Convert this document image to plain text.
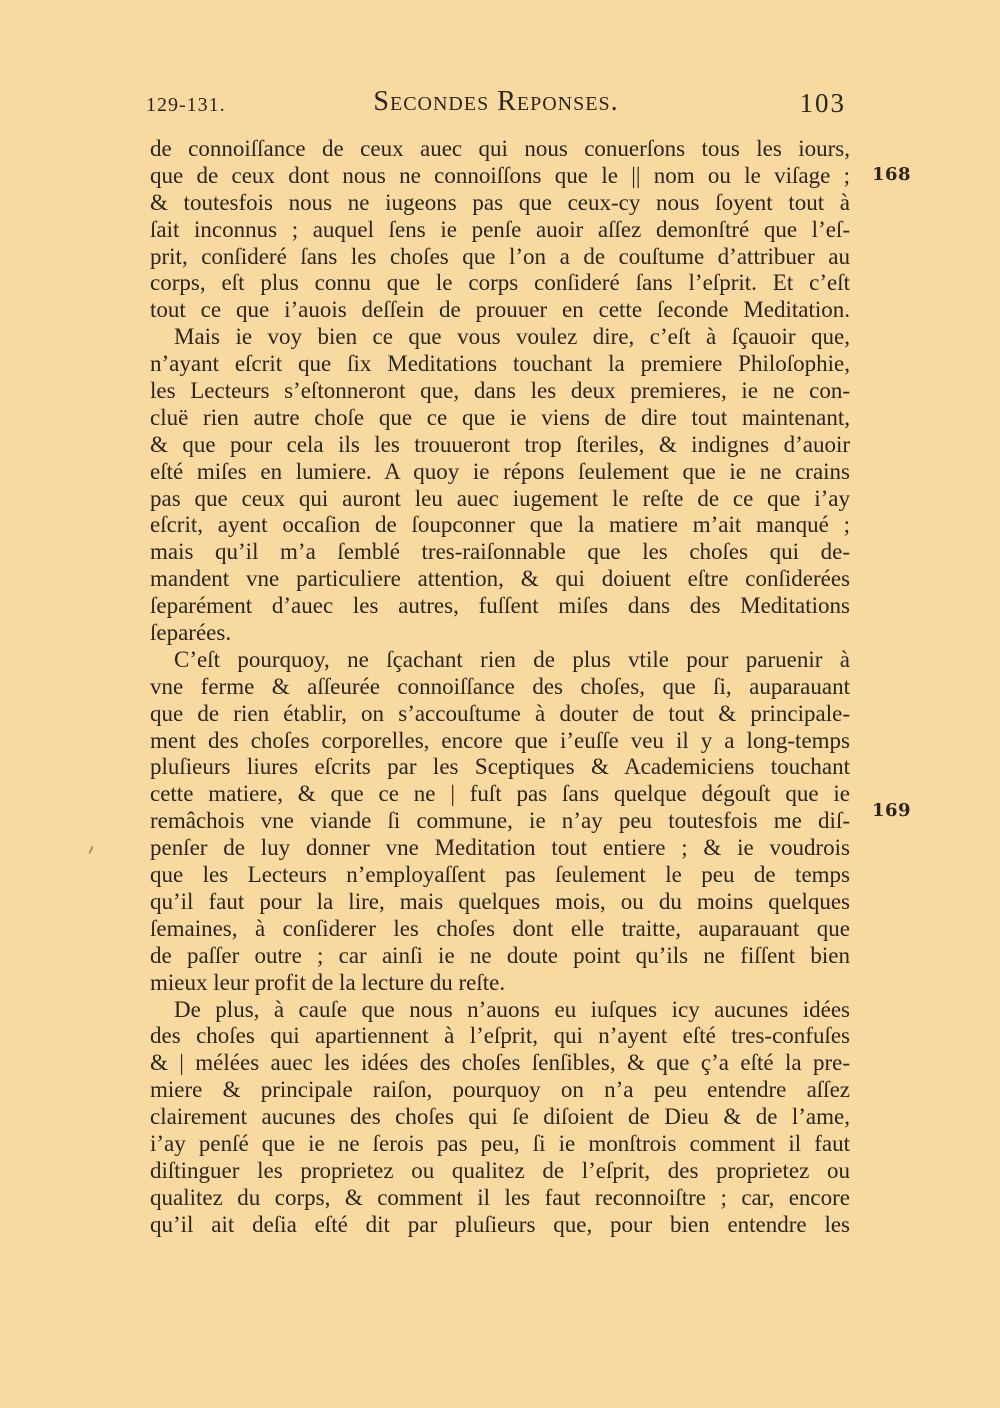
129-131.	Secondes Reponses.	103
de connoiſſance de ceux auec qui nous conuerſons tous les iours,
que de ceux dont nous ne connoiſſons que le || nom ou le viſage ;
& toutesfois nous ne iugeons pas que ceux-cy nous ſoyent tout à
ſait inconnus ; auquel ſens ie penſe auoir aſſez demonſtré que l’eſ-
prit, conſideré ſans les choſes que l’on a de couſtume d’attribuer au
corps, eſt plus connu que le corps conſideré ſans l’eſprit. Et c’eſt
tout ce que i’auois deſſein de prouuer en cette ſeconde Meditation.
Mais ie voy bien ce que vous voulez dire, c’eſt à ſçauoir que,
n’ayant eſcrit que ſix Meditations touchant la premiere Philoſophie,
les Lecteurs s’eſtonneront que, dans les deux premieres, ie ne con-
cluë rien autre choſe que ce que ie viens de dire tout maintenant,
& que pour cela ils les trouueront trop ſteriles, & indignes d’auoir
eſté miſes en lumiere. A quoy ie répons ſeulement que ie ne crains
pas que ceux qui auront leu auec iugement le reſte de ce que i’ay
eſcrit, ayent occaſion de ſoupconner que la matiere m’ait manqué ;
mais qu’il m’a ſemblé tres-raiſonnable que les choſes qui de-
mandent vne particuliere attention, & qui doiuent eſtre conſiderées
ſeparément d’auec les autres, fuſſent miſes dans des Meditations
ſeparées.
C’eſt pourquoy, ne ſçachant rien de plus vtile pour paruenir à
vne ferme & aſſeurée connoiſſance des choſes, que ſi, auparauant
que de rien établir, on s’accouſtume à douter de tout & principale-
ment des choſes corporelles, encore que i’euſſe veu il y a long-temps
pluſieurs liures eſcrits par les Sceptiques & Academiciens touchant
cette matiere, & que ce ne | fuſt pas ſans quelque dégouſt que ie
remâchois vne viande ſi commune, ie n’ay peu toutesfois me diſ-
penſer de luy donner vne Meditation tout entiere ; & ie voudrois
que les Lecteurs n’employaſſent pas ſeulement le peu de temps
qu’il faut pour la lire, mais quelques mois, ou du moins quelques
ſemaines, à conſiderer les choſes dont elle traitte, auparauant que
de paſſer outre ; car ainſi ie ne doute point qu’ils ne fiſſent bien
mieux leur profit de la lecture du reſte.
De plus, à cauſe que nous n’auons eu iuſques icy aucunes idées
des choſes qui apartiennent à l’eſprit, qui n’ayent eſté tres-confuſes
& | mélées auec les idées des choſes ſenſibles, & que ç’a eſté la pre-
miere & principale raiſon, pourquoy on n’a peu entendre aſſez
clairement aucunes des choſes qui ſe diſoient de Dieu & de l’ame,
i’ay penſé que ie ne ſerois pas peu, ſi ie monſtrois comment il faut
diſtinguer les proprietez ou qualitez de l’eſprit, des proprietez ou
qualitez du corps, & comment il les faut reconnoiſtre ; car, encore
qu’il ait deſia eſté dit par pluſieurs que, pour bien entendre les
168
169
